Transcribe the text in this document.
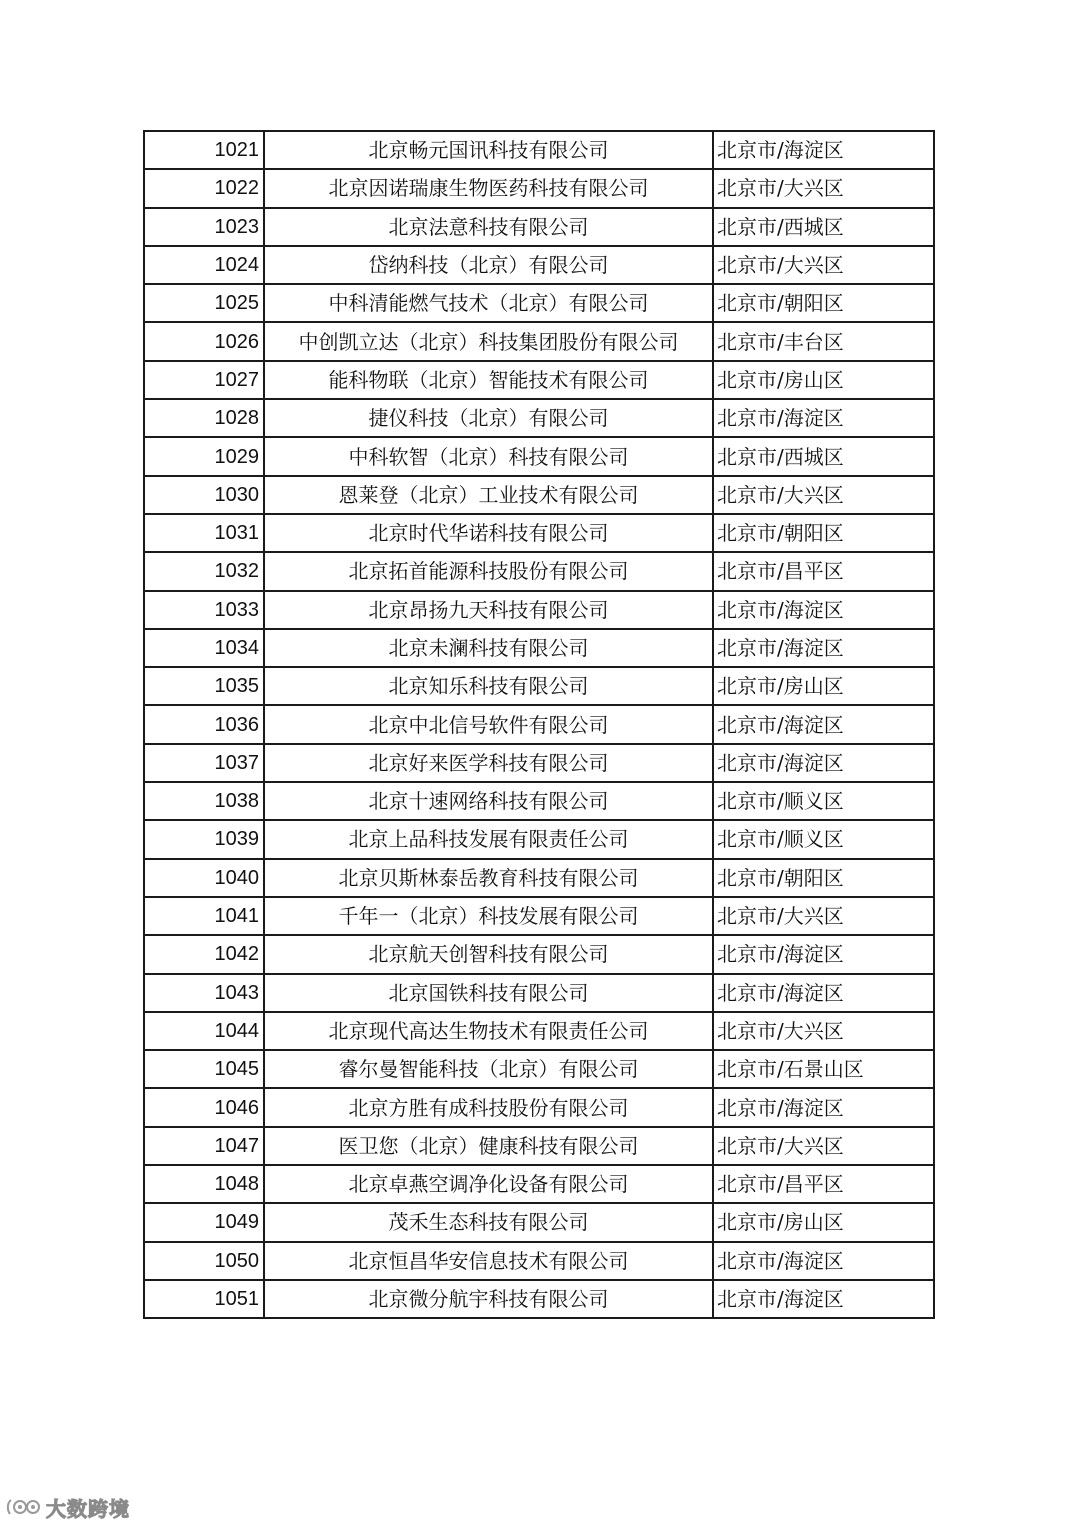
1021	北京畅元国讯科技有限公司	北京市/海淀区
1022	北京因诺瑞康生物医药科技有限公司	北京市/大兴区
1023	北京法意科技有限公司	北京市/西城区
1024	岱纳科技（北京）有限公司	北京市/大兴区
1025	中科清能燃气技术（北京）有限公司	北京市/朝阳区
1026	中创凯立达（北京）科技集团股份有限公司	北京市/丰台区
1027	能科物联（北京）智能技术有限公司	北京市/房山区
1028	捷仪科技（北京）有限公司	北京市/海淀区
1029	中科软智（北京）科技有限公司	北京市/西城区
1030	恩莱登（北京）工业技术有限公司	北京市/大兴区
1031	北京时代华诺科技有限公司	北京市/朝阳区
1032	北京拓首能源科技股份有限公司	北京市/昌平区
1033	北京昂扬九天科技有限公司	北京市/海淀区
1034	北京未澜科技有限公司	北京市/海淀区
1035	北京知乐科技有限公司	北京市/房山区
1036	北京中北信号软件有限公司	北京市/海淀区
1037	北京好来医学科技有限公司	北京市/海淀区
1038	北京十速网络科技有限公司	北京市/顺义区
1039	北京上品科技发展有限责任公司	北京市/顺义区
1040	北京贝斯林泰岳教育科技有限公司	北京市/朝阳区
1041	千年一（北京）科技发展有限公司	北京市/大兴区
1042	北京航天创智科技有限公司	北京市/海淀区
1043	北京国铁科技有限公司	北京市/海淀区
1044	北京现代高达生物技术有限责任公司	北京市/大兴区
1045	睿尔曼智能科技（北京）有限公司	北京市/石景山区
1046	北京方胜有成科技股份有限公司	北京市/海淀区
1047	医卫您（北京）健康科技有限公司	北京市/大兴区
1048	北京卓燕空调净化设备有限公司	北京市/昌平区
1049	茂禾生态科技有限公司	北京市/房山区
1050	北京恒昌华安信息技术有限公司	北京市/海淀区
1051	北京微分航宇科技有限公司	北京市/海淀区
大数跨境
